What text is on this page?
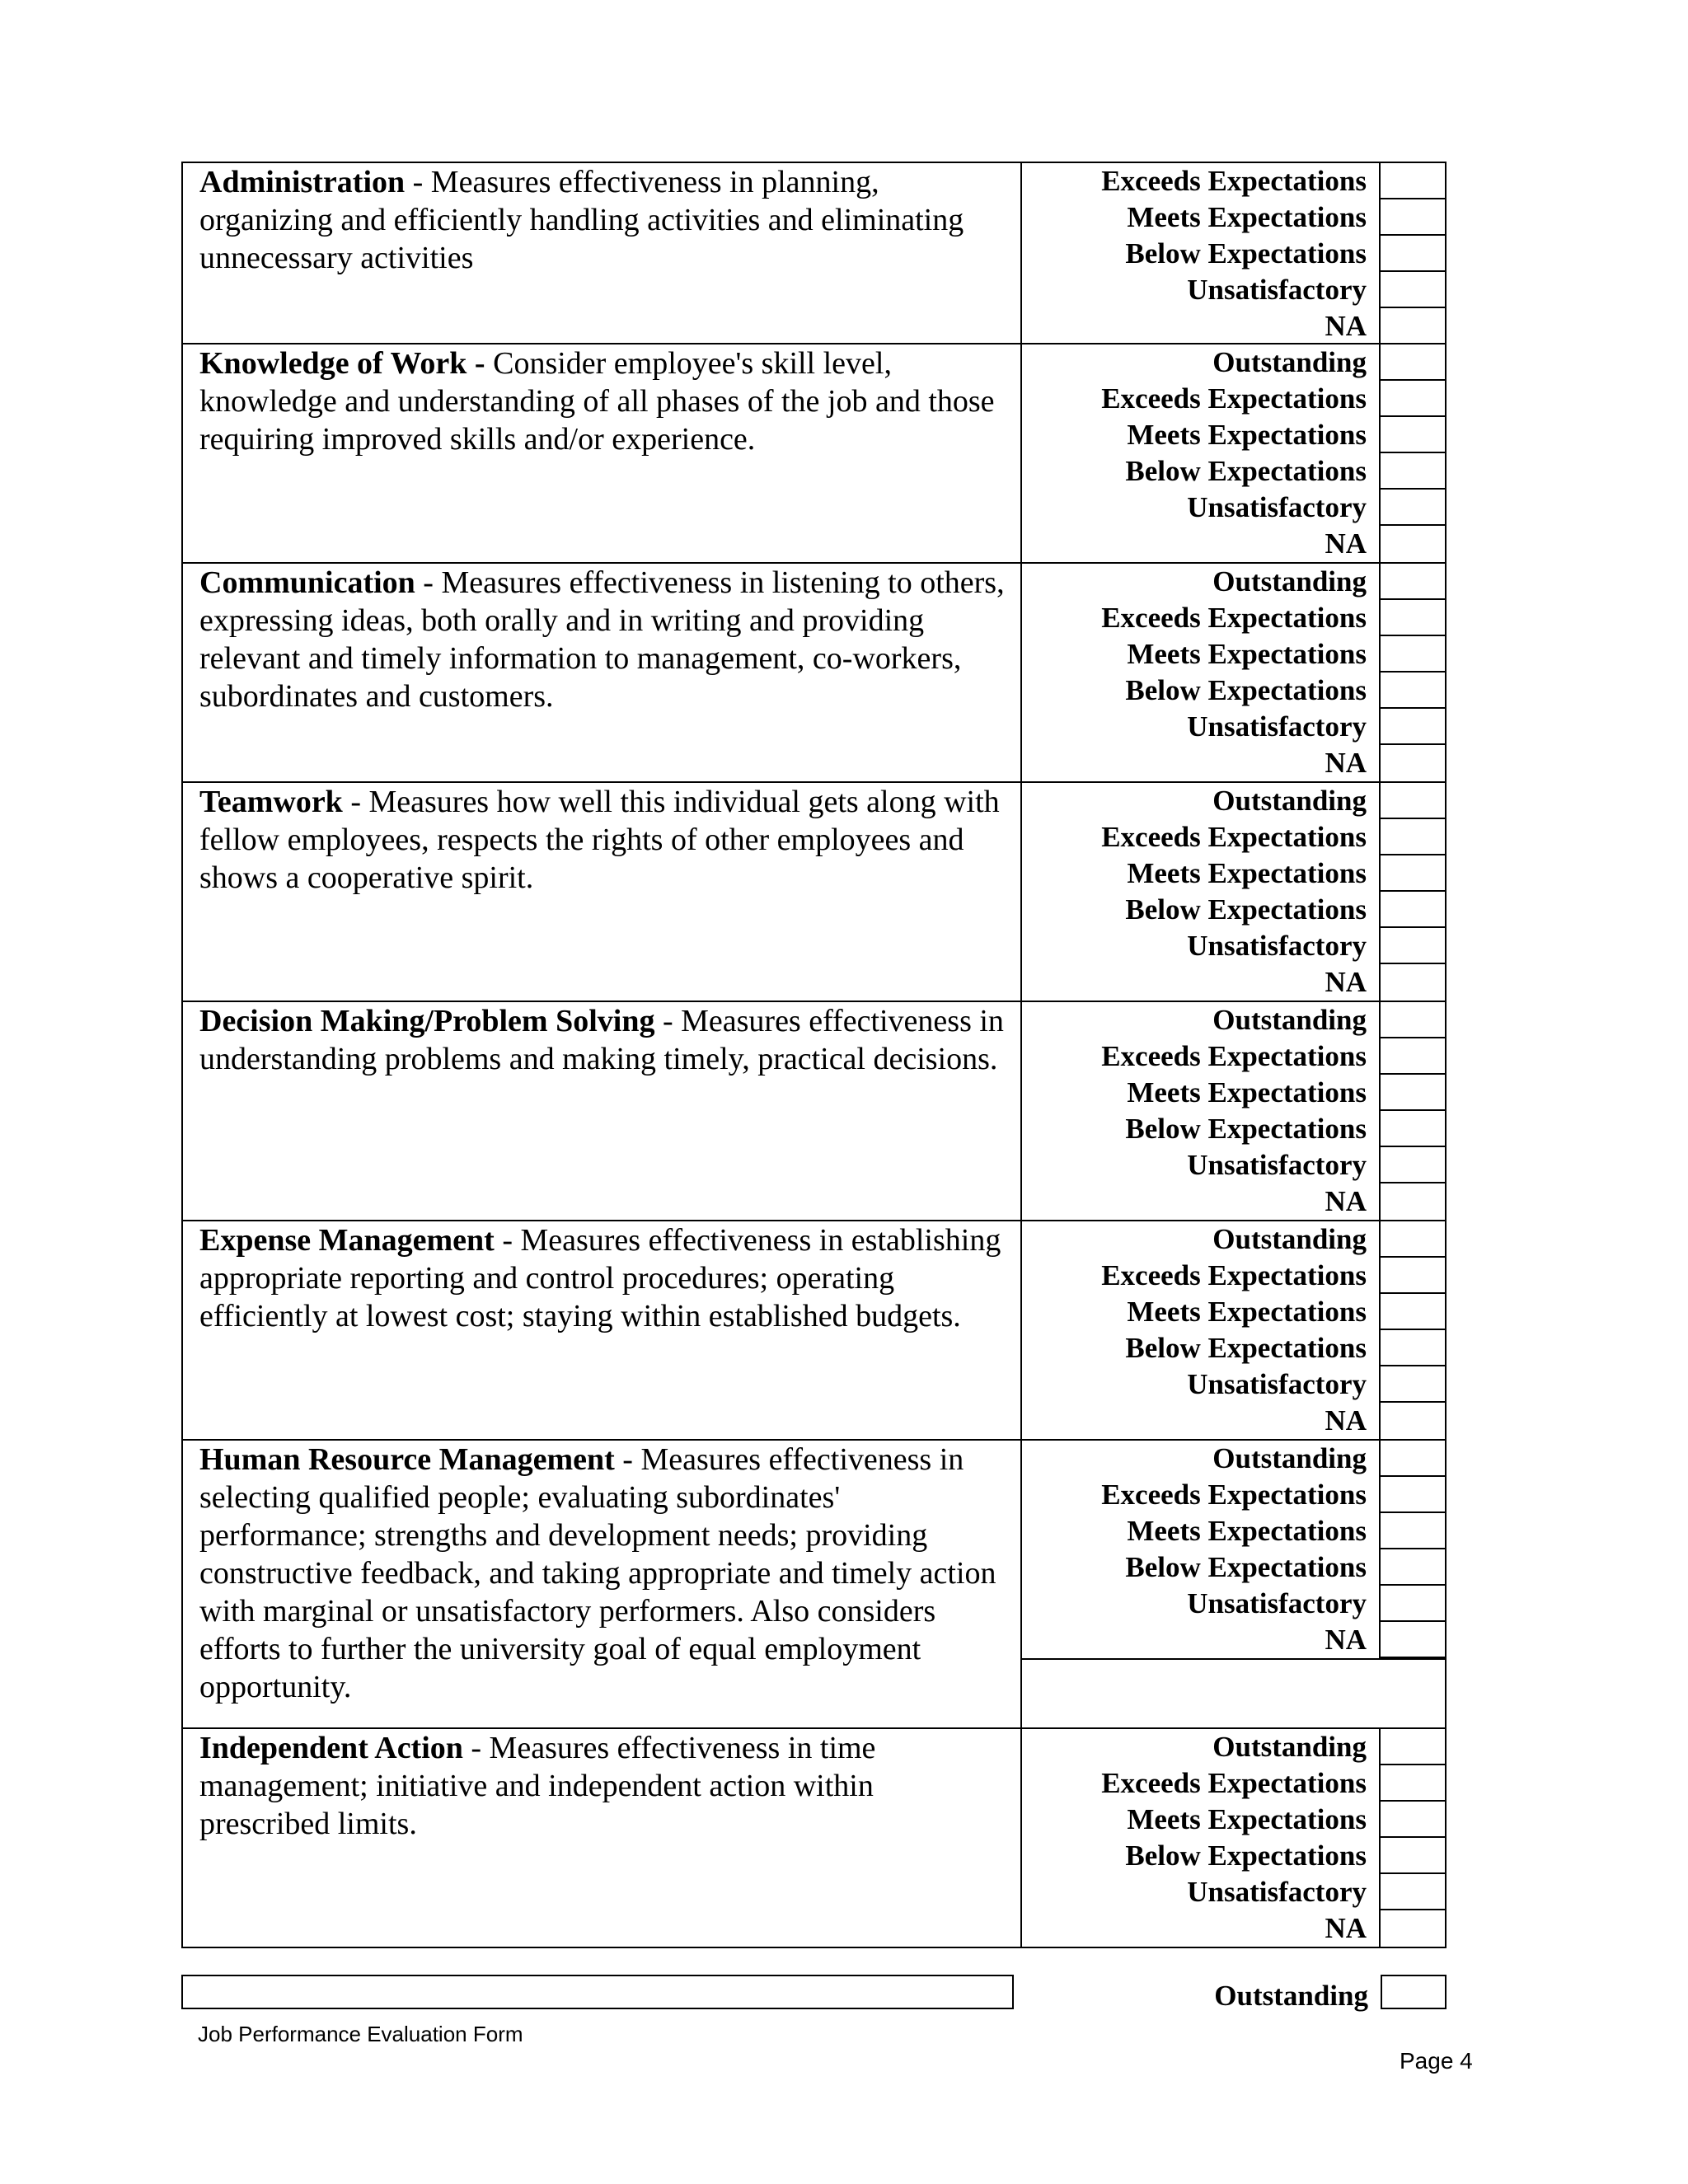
Administration - Measures effectiveness in planning, organizing and efficiently handling activities and eliminating unnecessary activities
Exceeds Expectations
Meets Expectations
Below Expectations
Unsatisfactory
NA
Knowledge of Work - Consider employee's skill level, knowledge and understanding of all phases of the job and those requiring improved skills and/or experience.
Outstanding
Exceeds Expectations
Meets Expectations
Below Expectations
Unsatisfactory
NA
Communication - Measures effectiveness in listening to others, expressing ideas, both orally and in writing and providing relevant and timely information to management, co-workers, subordinates and customers.
Outstanding
Exceeds Expectations
Meets Expectations
Below Expectations
Unsatisfactory
NA
Teamwork - Measures how well this individual gets along with fellow employees, respects the rights of other employees and shows a cooperative spirit.
Outstanding
Exceeds Expectations
Meets Expectations
Below Expectations
Unsatisfactory
NA
Decision Making/Problem Solving - Measures effectiveness in understanding problems and making timely, practical decisions.
Outstanding
Exceeds Expectations
Meets Expectations
Below Expectations
Unsatisfactory
NA
Expense Management - Measures effectiveness in establishing appropriate reporting and control procedures; operating efficiently at lowest cost; staying within established budgets.
Outstanding
Exceeds Expectations
Meets Expectations
Below Expectations
Unsatisfactory
NA
Human Resource Management - Measures effectiveness in selecting qualified people; evaluating subordinates' performance; strengths and development needs; providing constructive feedback, and taking appropriate and timely action with marginal or unsatisfactory performers. Also considers efforts to further the university goal of equal employment opportunity.
Outstanding
Exceeds Expectations
Meets Expectations
Below Expectations
Unsatisfactory
NA
Independent Action - Measures effectiveness in time management; initiative and independent action within prescribed limits.
Outstanding
Exceeds Expectations
Meets Expectations
Below Expectations
Unsatisfactory
NA
Outstanding
Job Performance Evaluation Form
Page 4
